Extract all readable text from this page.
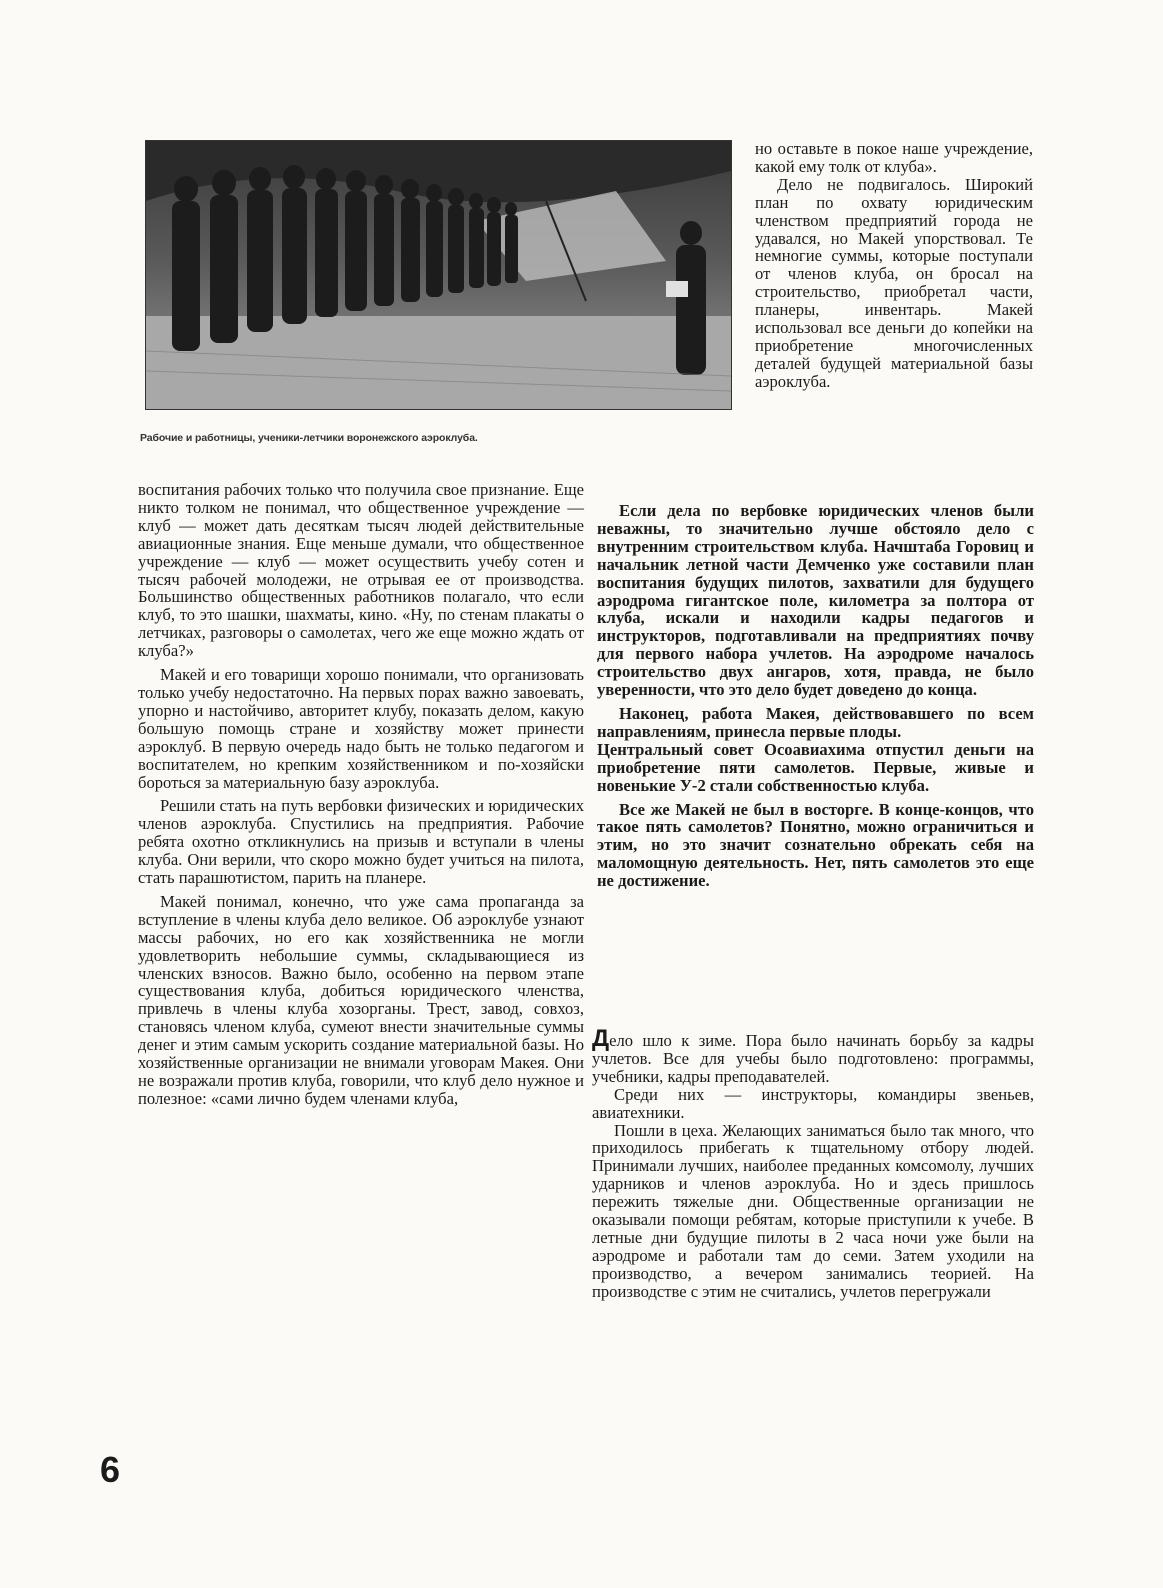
Рабочие и работницы, ученики-летчики воронежского аэроклуба.

но оставьте в покое наше учреждение, какой ему толк от клуба».

Дело не подвигалось. Широкий план по охвату юридическим членством предприятий города не удавался, но Макей упорствовал. Те немногие суммы, которые поступали от членов клуба, он бросал на строительство, приобретал части, планеры, инвентарь. Макей использовал все деньги до копейки на приобретение многочисленных деталей будущей материальной базы аэроклуба.

воспитания рабочих только что получила свое признание. Еще никто толком не понимал, что общественное учреждение — клуб — может дать десяткам тысяч людей действительные авиационные знания. Еще меньше думали, что общественное учреждение — клуб — может осуществить учебу сотен и тысяч рабочей молодежи, не отрывая ее от производства. Большинство общественных работников полагало, что если клуб, то это шашки, шахматы, кино. «Ну, по стенам плакаты о летчиках, разговоры о самолетах, чего же еще можно ждать от клуба?»

Макей и его товарищи хорошо понимали, что организовать только учебу недостаточно. На первых порах важно завоевать, упорно и настойчиво, авторитет клубу, показать делом, какую большую помощь стране и хозяйству может принести аэроклуб. В первую очередь надо быть не только педагогом и воспитателем, но крепким хозяйственником и по-хозяйски бороться за материальную базу аэроклуба.

Решили стать на путь вербовки физических и юридических членов аэроклуба. Спустились на предприятия. Рабочие ребята охотно откликнулись на призыв и вступали в члены клуба. Они верили, что скоро можно будет учиться на пилота, стать парашютистом, парить на планере.

Макей понимал, конечно, что уже сама пропаганда за вступление в члены клуба дело великое. Об аэроклубе узнают массы рабочих, но его как хозяйственника не могли удовлетворить небольшие суммы, складывающиеся из членских взносов. Важно было, особенно на первом этапе существования клуба, добиться юридического членства, привлечь в члены клуба хозорганы. Трест, завод, совхоз, становясь членом клуба, сумеют внести значительные суммы денег и этим самым ускорить создание материальной базы. Но хозяйственные организации не внимали уговорам Макея. Они не возражали против клуба, говорили, что клуб дело нужное и полезное: «сами лично будем членами клуба,

Если дела по вербовке юридических членов были неважны, то значительно лучше обстояло дело с внутренним строительством клуба. Начштаба Горовиц и начальник летной части Демченко уже составили план воспитания будущих пилотов, захватили для будущего аэродрома гигантское поле, километра за полтора от клуба, искали и находили кадры педагогов и инструкторов, подготавливали на предприятиях почву для первого набора учлетов. На аэродроме началось строительство двух ангаров, хотя, правда, не было уверенности, что это дело будет доведено до конца.

Наконец, работа Макея, действовавшего по всем направлениям, принесла первые плоды.

Центральный совет Осоавиахима отпустил деньги на приобретение пяти самолетов. Первые, живые и новенькие У-2 стали собственностью клуба.

Все же Макей не был в восторге. В конце-концов, что такое пять самолетов? Понятно, можно ограничиться и этим, но это значит сознательно обрекать себя на маломощную деятельность. Нет, пять самолетов это еще не достижение.

Дело шло к зиме. Пора было начинать борьбу за кадры учлетов. Все для учебы было подготовлено: программы, учебники, кадры преподавателей.

Среди них — инструкторы, командиры звеньев, авиатехники.

Пошли в цеха. Желающих заниматься было так много, что приходилось прибегать к тщательному отбору людей. Принимали лучших, наиболее преданных комсомолу, лучших ударников и членов аэроклуба. Но и здесь пришлось пережить тяжелые дни. Общественные организации не оказывали помощи ребятам, которые приступили к учебе. В летные дни будущие пилоты в 2 часа ночи уже были на аэродроме и работали там до семи. Затем уходили на производство, а вечером занимались теорией. На производстве с этим не считались, учлетов перегружали

6
